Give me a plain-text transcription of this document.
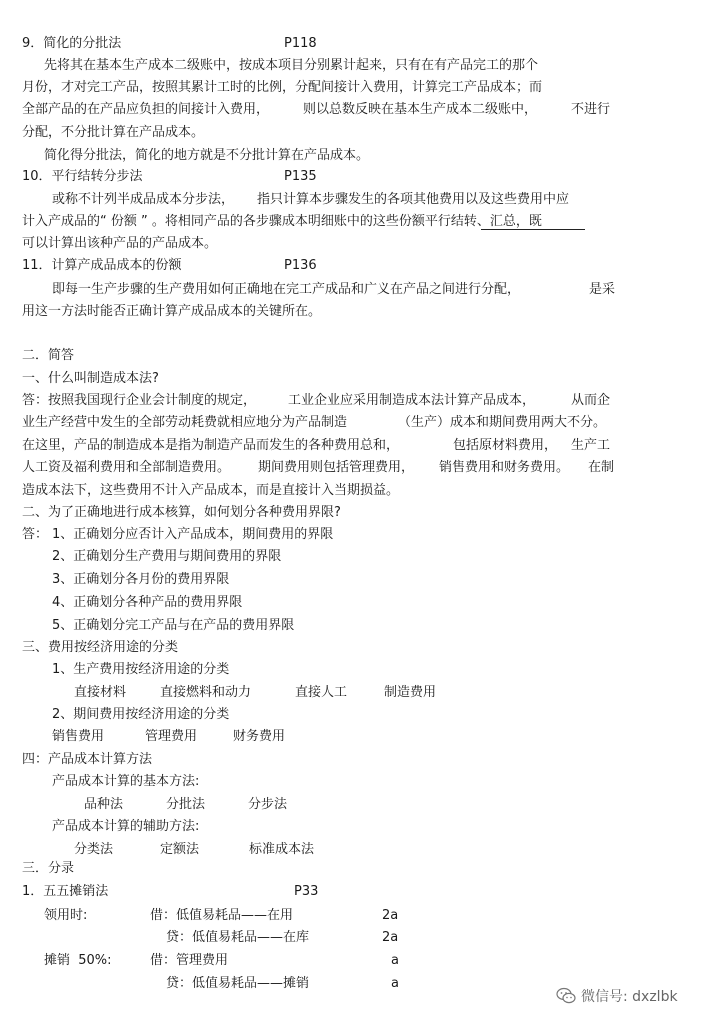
9．简化的分批法	P118
先将其在基本生产成本二级账中，按成本项目分别累计起来，只有在有产品完工的那个
月份，才对完工产品，按照其累计工时的比例，分配间接计入费用，计算完工产品成本；而
全部产品的在产品应负担的间接计入费用，	则以总数反映在基本生产成本二级账中，	不进行
分配，不分批计算在产品成本。
简化得分批法，简化的地方就是不分批计算在产品成本。
10．平行结转分步法	P135
或称不计列半成品成本分步法， 指只计算本步骤发生的各项其他费用以及这些费用中应
计入产成品的“ 份额 ” 。将相同产品的各步骤成本明细账中的这些份额平行结转、汇总，既
可以计算出该种产品的产品成本。
11．计算产成品成本的份额	P136
即每一生产步骤的生产费用如何正确地在完工产成品和广义在产品之间进行分配，	是采
用这一方法时能否正确计算产成品成本的关键所在。
二．简答
一、什么叫制造成本法?
答：按照我国现行企业会计制度的规定， 工业企业应采用制造成本法计算产品成本，	从而企
业生产经营中发生的全部劳动耗费就相应地分为产品制造	（生产）成本和期间费用两大不分。
在这里，产品的制造成本是指为制造产品而发生的各种费用总和，	包括原材料费用， 生产工
人工资及福利费用和全部制造费用。 期间费用则包括管理费用， 销售费用和财务费用。 在制
造成本法下，这些费用不计入产品成本，而是直接计入当期损益。
二、为了正确地进行成本核算，如何划分各种费用界限?
答： 1、正确划分应否计入产品成本，期间费用的界限
2、正确划分生产费用与期间费用的界限
3、正确划分各月份的费用界限
4、正确划分各种产品的费用界限
5、正确划分完工产品与在产品的费用界限
三、费用按经济用途的分类
1、生产费用按经济用途的分类
直接材料	直接燃料和动力	直接人工	制造费用
2、期间费用按经济用途的分类
销售费用	管理费用	财务费用
四：产品成本计算方法
产品成本计算的基本方法:
品种法	分批法	分步法
产品成本计算的辅助方法:
分类法	定额法	标准成本法
三．分录
1．五五摊销法	P33
领用时:	借：低值易耗品——在用	2a
贷：低值易耗品——在库	2a
摊销  50%:	借：管理费用	a
贷：低值易耗品——摊销	a
微信号: dxzlbk
